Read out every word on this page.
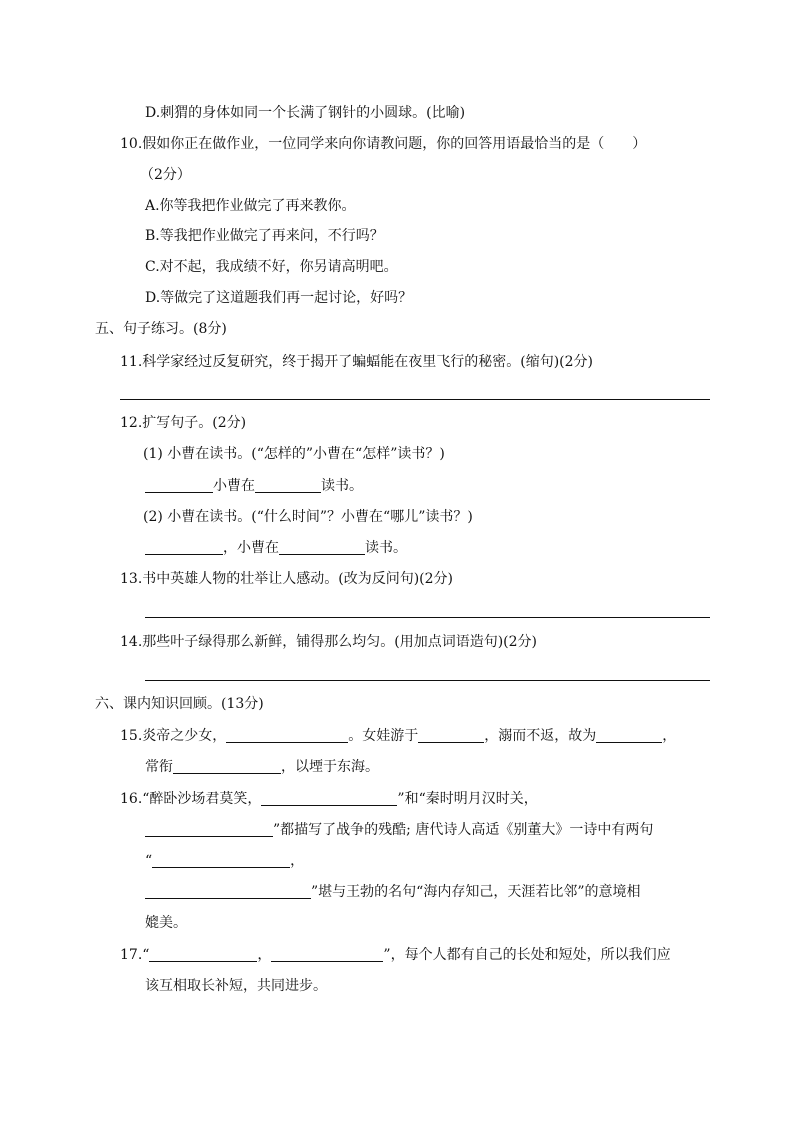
D.刺猬的身体如同一个长满了钢针的小圆球。(比喻)
10.假如你正在做作业，一位同学来向你请教问题，你的回答用语最恰当的是（　　）
（2分）
A.你等我把作业做完了再来教你。
B.等我把作业做完了再来问，不行吗？
C.对不起，我成绩不好，你另请高明吧。
D.等做完了这道题我们再一起讨论，好吗？
五、句子练习。(8分)
11.科学家经过反复研究，终于揭开了蝙蝠能在夜里飞行的秘密。(缩句)(2分)
12.扩写句子。(2分)
(1) 小曹在读书。(“怎样的”小曹在“怎样”读书？)
小曹在	读书。
(2) 小曹在读书。(“什么时间”？小曹在“哪儿”读书？)
，小曹在	读书。
13.书中英雄人物的壮举让人感动。(改为反问句)(2分)
14.那些叶子绿得那么新鲜，铺得那么均匀。(用加点词语造句)(2分)
六、课内知识回顾。(13分)
15.炎帝之少女，	。女娃游于	，溺而不返，故为	，
常衔	，以堙于东海。
16.“醉卧沙场君莫笑，	”和“秦时明月汉时关，
”都描写了战争的残酷; 唐代诗人高适《别董大》一诗中有两句
“	，
”堪与王勃的名句“海内存知己，天涯若比邻”的意境相
媲美。
17.“	，	”，每个人都有自己的长处和短处，所以我们应
该互相取长补短，共同进步。
